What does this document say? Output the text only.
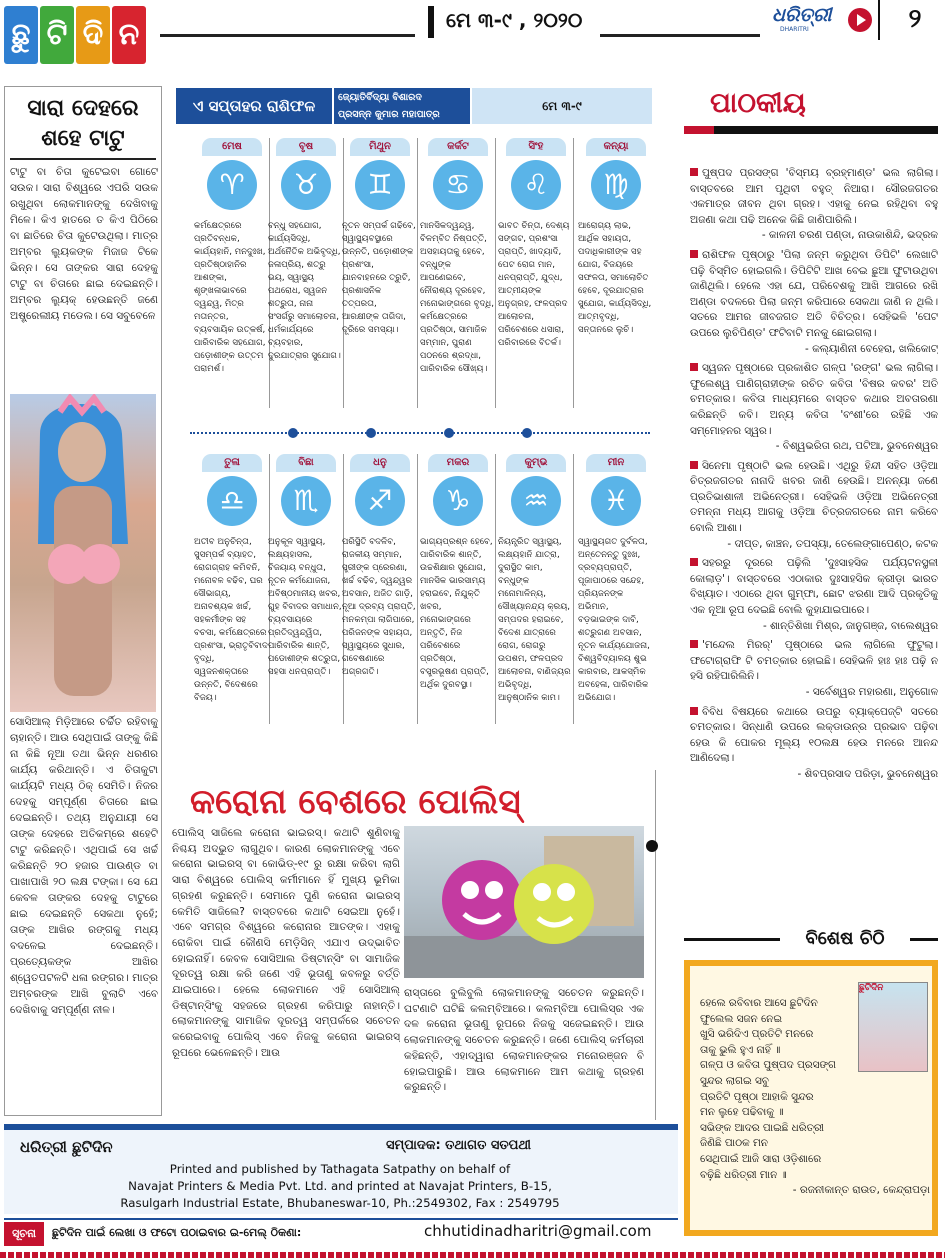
ଛୁ ଟି ଦି ନ	ମେ ୩-୯ , ୨୦୨୦	ଧରିତ୍ରୀ
DHARITRI	୨
ସାରା ଦେହରେ
ଶହେ ଟାଟୁ
ଟାଟୁ ବା ଚିତା କୁଟେଇବା ଗୋଟେ ସଉକ। ସାରା ବିଶ୍ୱରେ ଏପରି ସଉକ ରଖୁଥିବା ଲୋକମାନଙ୍କୁ ଦେଖିବାକୁ ମିଳେ। କିଏ ହାତରେ ତ କିଏ ପିଠିରେ ବା ଛାତିରେ ଚିତା କୁଟେଉଥିଲା। ମାତ୍ର ଅମ୍ବର ଲ୍ୟୁକଙ୍କ ମିଜାଜ ଟିକେ ଭିନ୍ନ। ସେ ତାଙ୍କର ସାରା ଦେହକୁ ଟାଟୁ ବା ଚିତାରେ ଛାଇ ଦେଇଛନ୍ତି। ଅମ୍ବର ଲ୍ୟୁକ୍ ହେଉଛନ୍ତି ଜଣେ ଅଷ୍ଟ୍ରେଲୀୟ ମଡେଲ। ସେ ସବୁବେଳେ
ସୋସିଆଲ୍ ମିଡ଼ିଆରେ ଚର୍ଚ୍ଚିତ ରହିବାକୁ ଚାହାନ୍ତି। ଆଉ ସେଥିପାଇଁ ତାଙ୍କୁ କିଛି ନା କିଛି ନୂଆ ତଥା ଭିନ୍ନ ଧରଣର କାର୍ଯ୍ୟ କରିଥାନ୍ତି। ଏ ଚିତାକୁଟା କାର୍ଯ୍ୟଟି ମଧ୍ୟ ଠିକ୍ ସେମିତି। ନିଜର ଦେହକୁ ସମ୍ପୂର୍ଣ୍ଣ ଚିତାରେ ଛାଇ ଦେଇଛନ୍ତି। ତଥ୍ୟ ଅନୁଯାୟୀ ସେ ତାଙ୍କ ଦେହରେ ଅତିକମ୍‌ରେ ଶହେଟି ଟାଟୁ କରିଛନ୍ତି। ଏଥିପାଇଁ ସେ ଖର୍ଚ୍ଚ କରିଛନ୍ତି ୨୦ ହଜାର ପାଉଣ୍ଡ ବା ପାଖାପାଖି ୨୦ ଲକ୍ଷ ଟଙ୍କା। ସେ ଯେ କେବଳ ତାଙ୍କର ଦେହକୁ ଟାଟୁରେ ଛାଇ ଦେଇଛନ୍ତି ସେକଥା ନୁହେଁ; ତାଙ୍କ ଆଖିର ରଙ୍ଗକୁ ମଧ୍ୟ ବଦଳେଇ ଦେଇଛନ୍ତି। ପ୍ରତ୍ୟେକଙ୍କ ଆଖିର ଶ୍ୱେତପଟଳଟି ଧଳା ରଙ୍ଗର। ମାତ୍ର ଅମ୍ବରଙ୍କ ଆଖି ବୁଲାଟି ଏବେ ଦେଖିବାକୁ ସମ୍ପୂର୍ଣ୍ଣ ନୀଳ।
ଏ ସପ୍ତାହର ରାଶିଫଳ	ଜ୍ୟୋତିର୍ବିଦ୍ୟା ବିଶାରଦ
ପ୍ରସନ୍ନ କୁମାର ମହାପାତ୍ର
ମେ ୩-୯
ମେଷ
♈
କର୍ମକ୍ଷେତ୍ରରେ ପ୍ରତିବନ୍ଧକ, କାର୍ଯ୍ୟହାନି, ମନଦୁଃଖ, ପ୍ରତିଷ୍ଠାହାନିର ଆଶଙ୍କା, ଶୃଙ୍ଖଳାଭାବରେ ଦ୍ୱନ୍ଦ୍ୱ, ମିତ୍ର ମତାନ୍ତର, ବ୍ୟବସାୟିକ ଉତ୍କର୍ଷ, ପାରିବାରିକ ସହଯୋଗ, ପଡ଼ୋଶୀଙ୍କ ଉତ୍ତମ ପରାମର୍ଶ।
ବୃଷ
♉
ବନ୍ଧୁ ସହଯୋଗ, କାର୍ଯ୍ୟସିଦ୍ଧି, ଅର୍ଥନୈତିକ ଅଭିବୃଦ୍ଧି, ଜଳାପ୍ରିୟ, ଶତ୍ରୁ ଭୟ, ସ୍ୱାସ୍ଥ୍ୟ ପଥରୋଧ, ସ୍ୱଜନ ଶତ୍ରୁତା, ନାନା ସଂସର୍ଗରୁ ସମାଲୋଚନା, ଧର୍ମକାର୍ଯ୍ୟରେ ବ୍ୟବହାର, ଦୁରଯାତ୍ରାର ସୁଯୋଗ।
ମିଥୁନ
♊
ନୂତନ ସମ୍ପର୍କ ଗଢିବେ, ସ୍ୱାସ୍ଥ୍ୟବସ୍ଥାରେ ଉନ୍ନତି, ପଡ଼ୋଶୀଙ୍କ ପ୍ରଶଂସା, ଯାନବାହନରେ ତ୍ରୁଟି, ପ୍ରଶାସନିକ ତତ୍ପରତା, ଆରକ୍ଷୀଙ୍କ ତାଗିଦା, ଦୂରିରେ ସମସ୍ୟା।
କର୍କଟ
♋
ମାନସିକଦ୍ୱନ୍ଦ୍ୱ, ବିଳମ୍ବିତ ନିଷ୍ପତ୍ତି, ଅସହାୟତାକୁ ହେବେ, ବନ୍ଧୁଙ୍କ ଆପଣେଇବେ, ନୌରାଶ୍ୟ ଦୂରହେବ, ମନୋଭାଙ୍ଗରେ ବୃଦ୍ଧି, କର୍ମକ୍ଷେତ୍ରରେ ପ୍ରତିଷ୍ଠା, ସାମାଜିକ ସମ୍ମାନ, ପୁରାଣ ପଠନରେ ଶ୍ରଦ୍ଧା, ପାରିବାରିକ ସୌଖ୍ୟ।
ସିଂହ
♌
ଭାବତ ଚିନ୍ତା, ଦେଶ୍ୟ ସଙ୍ଗଟ, ପ୍ରଶଂସା ପ୍ରାପ୍ତି, ଖାଦ୍ୟାଦି, ପେଟ ରୋଗ ମାନ, ଧନପ୍ରାପ୍ତି, ଯୁଦ୍ଧ, ଆତ୍ମୀୟଙ୍କ ଅନୁଗ୍ରହ, ଫଳପ୍ରଦ ଆଲୋଚନା, ପରିବେଶରେ ଧସାରା, ପରିବାରରେ ବିତର୍କ।
କନ୍ୟା
♍
ଆରୋଗ୍ୟ ଲାଭ, ଆର୍ଥିକ ସହାୟତା, ପଦାଧିକାରୀଙ୍କ ସହ ଯୋଗ, ବିଜୟରେ ସଫଳତା, ସମାଲୋଚିତ ହେବେ, ଦୂରଯାତ୍ରାର ସୁଯୋଗ, କାର୍ଯ୍ୟସିଦ୍ଧି, ଆତ୍ମବୃଦ୍ଧି, ସନ୍ତାନରେ ଲୁଚି।
ତୁଳା
♎
ଅତୀବ ଅନୁଚିନ୍ତା, ସୁସମ୍ପର୍କ ବ୍ୟାହତ, ରୋଗଗ୍ରାହ କମିବନି, ମନୋବଳ ବଢିବ, ଘର ସୌଭାଗ୍ୟ, ଅନାବଶ୍ୟକ ଖର୍ଚ୍ଚ, ସହକର୍ମୀଙ୍କ ସହ ବଚସା, କର୍ମକ୍ଷେତ୍ରରେ ପ୍ରଶଂସା, ଭ୍ରାତୃବିବାଦ ବୃଦ୍ଧି, ସ୍ୱଜନଶକ୍ତାରେ ଉନ୍ନତି, ବିଦେଶରେ ବିଜୟ।
ବିଛା
♏
ଅନୁକୂଳ ସ୍ୱାସ୍ଥ୍ୟ, ଲକ୍ଷ୍ୟହାସଲ, ବିଜୟାୟ ବନ୍ଧୁତା, ନୂତନ କର୍ମଯୋଜନା, ଅବିଷ୍ଠମାନୀୟ ଖବର, ଗୁହ ବିବାଦର ସମାଧାନ, ବ୍ୟବସାୟରେ ପ୍ରତିଦ୍ୱନ୍ଦ୍ୱିତା, ପାରିବାରିକ ଶାନ୍ତି, ପଡୋଶୀଙ୍କ ଶତ୍ରୁତା, ସହସା ଧନପ୍ରାପ୍ତି।
ଧନୁ
♐
ପରିସ୍ଥିତି ବଦଳିବ, ରାଜକୀୟ ସମ୍ମାନ, ସ୍ତ୍ରୀଙ୍କ ପ୍ରେରଣା, ଖର୍ଚ୍ଚ ବଢିବ, ଦ୍ୱନ୍ଦ୍ୱର ଅବସାନ, ଅଜିତ ଗାଡ଼ି, ନୂଆ ଦ୍ରବ୍ୟ ପ୍ରାପ୍ତି, ମନକମ୍ପା ଲାଗିପାରେ, ପରିଜନଙ୍କ ସହାୟତା, ସ୍ୱାସ୍ଥ୍ୟରେ ସୁଧାର, ଗବେଷଣାରେ ଅଗ୍ରଗତି।
ମକର
♑
ଭାଗ୍ୟପ୍ରଶ୍ନ ହେବେ, ପାରିବାରିକ ଶାନ୍ତି, ଉଚ୍ଚଶିକ୍ଷାର ସୁଯୋଗ, ମାନସିକ ଭାରସାମ୍ୟ ହରାଇବେ, ନିଯୁକ୍ତି ଖବର, ମନୋଭାଙ୍ଗରେ ଅନ୍ତୃତି, ନିଜ ପରିବେଶରେ ପ୍ରତିଷ୍ଠା, ବସ୍ତ୍ରଭୂଷଣ ପ୍ରାପ୍ତି, ଅର୍ଥିକ ଦୁରବସ୍ଥା।
କୁମ୍ଭ
♒
ନିୟନ୍ତ୍ରିତ ସ୍ୱାସ୍ଥ୍ୟ, ଲକ୍ଷ୍ୟହାନି ଯାତ୍ରା, ଦୁରାସ୍ଥିତ କାମ, ବନ୍ଧୁଙ୍କ ମନୋମାଳିନ୍ୟ, ସୌଖ୍ୟାନନ୍ଦ୍ୟ କ୍ରୟ, ସମ୍ପଦର ହରାଇବେ, ବିଦେଶ ଯାତ୍ରାରେ ରୋଗ, ରୋଗରୁ ଉପଶମ, ଫଳପ୍ରଦ ଆଲୋଚନା, ବାଣିଜ୍ୟର ଅଭିବୃଦ୍ଧି, ଆନୁଷ୍ଠାନିକ କାମ।
ମୀନ
♓
ସ୍ୱାସ୍ଥ୍ୟଗତ ଦୁର୍ବଳତା, ଅନ୍ତେନନ୍ତୁ ଦୁଃଖ, ଦ୍ରବ୍ୟପ୍ରାପ୍ତି, ପୂଜାପାଠରେ ସନ୍ଦେହ, ପ୍ରିୟଜନଙ୍କ ଅଭିମାନ, ବଡ଼ଭାଇଙ୍କ ଦାବି, ଶତ୍ରୁଗଣ ଅବସାନ, ନୂତନ କାର୍ଯ୍ୟଯୋଜନା, ବିଶ୍ୱବିଦ୍ୟାଳୟ ଶୁଭ କାରବାର, ଆକସ୍ମିକ ଅବହେଳା, ପାରିବାରିକ ଅଭିଯୋଗ।
କରୋନା ବେଶରେ ପୋଲିସ୍
ପୋଲିସ୍ ସାଜିଲେ କରୋନା ଭାଇରସ୍। କଥାଟି ଶୁଣିବାକୁ ନିଶ୍ଚୟ ଅଦ୍ଭୁତ ଲାଗୁଥିବ। କାରଣ ଲୋକମାନଙ୍କୁ ଏବେ କରୋନା ଭାଇରସ୍ ବା କୋଭିଡ୍-୧୯ ରୁ ରକ୍ଷା କରିବା ଲାଗି ସାରା ବିଶ୍ୱରେ ପୋଲିସ୍ କର୍ମୀମାନେ ହିଁ ମୁଖ୍ୟ ଭୂମିକା ଗ୍ରହଣ କରୁଛନ୍ତି। ସେମାନେ ପୁଣି କରୋନା ଭାଇରସ୍ କେମିତି ସାଜିଲେ? ବାସ୍ତବରେ କଥାଟି ସେଇଆ ନୁହେଁ। ଏବେ ସମଗ୍ର ବିଶ୍ୱରେ କରୋନାର ଆତଙ୍କ। ଏହାକୁ ରୋକିବା ପାଇଁ କୌଣସି ମେଡ଼ିସିନ୍ ଏଯାଏ ଉଦ୍ଭାବିତ ହୋଇନାହିଁ। କେବଳ ସୋସିଆଲ ଡିଷ୍ଟାନ୍ସିଂ ବା ସାମାଜିକ ଦୂରତ୍ୱ ରକ୍ଷା କରି ଜଣେ ଏହି ଭୂତାଣୁ କବଳରୁ ବର୍ତ୍ତି ଯାଇପାରେ। ହେଲେ ଲୋକମାନେ ଏହି ସୋସିଆଲ୍ ଡିଷ୍ଟାନ୍ସିଂକୁ ସହଜରେ ଗ୍ରହଣ କରିପାରୁ ନାହାନ୍ତି। ଲୋକମାନଙ୍କୁ ସାମାଜିକ ଦୂରତ୍ୱ ସମ୍ପର୍କରେ ସଚେତନ କରେଇବାକୁ ପୋଲିସ୍ ଏବେ ନିଜକୁ କରୋନା ଭାଇରସ୍ ରୂପରେ ଭେଳେଛନ୍ତି। ଆଉ
ରାସ୍ତାରେ ବୁଲିବୁଲି ଲୋକମାନଙ୍କୁ ସଚେତନ କରୁଛନ୍ତି। ଘଟଣାଟି ଘଟିଛି କଲମ୍ବିଆରେ। କଲମ୍ବିଆ ପୋଲିସ୍‌ର ଏକ ଦଳ କରୋନା ଭୂତାଣୁ ରୂପରେ ନିଜକୁ ସଜେଇଛନ୍ତି। ଆଉ ଲୋକମାନଙ୍କୁ ସଚେତନ କରୁଛନ୍ତି। ଜଣେ ପୋଲିସ୍ କର୍ମଚାରୀ କହିଛନ୍ତି, ଏହାଦ୍ୱାରା ଲୋକମାନଙ୍କର ମନୋରଞ୍ଜନ ବି ହୋଇପାରୁଛି। ଆଉ ଲୋକମାନେ ଆମ କଥାକୁ ଗ୍ରହଣ କରୁଛନ୍ତି।
ପାଠକୀୟ
ପୁଷ୍ପଦ ପ୍ରସଙ୍ଗ 'ବିସ୍ମୟ ବ୍ରହ୍ମାଣ୍ଡ' ଭଲ ଲାଗିଲା। ବାସ୍ତବରେ ଆମ ପୃଥିବୀ ବହୁତ୍ ନିଆରା। ସୌରଜଗତର ଏକମାତ୍ର ଜୀବନ ଥିବା ଗ୍ରହ। ଏହାକୁ ନେଇ ରହିଥିବା ବହୁ ଅଜଣା କଥା ପଢି ଅନେକ କିଛି ଜାଣିପାରିଲି।
- କାଳନୀ ଚରଣ ପଣ୍ଡା, ନାଉକାଶିନ୍ଦି, ଭଦ୍ରକ
ରାଶିଫଳ ପୃଷ୍ଠାରୁ 'ପିଲା ଜନ୍ମ କରୁଥିବା ଡିପିଟି' ଲେଖାଟି ପଢ଼ି ବିସ୍ମିତ ହୋଇଗଲି। ଡିପିଟିଟି ଆଖ ବେଇ ଛୁଆ ଫୁଟାଉଥିବା ଜାଣିଥିଲି। ହେଲେ ଏହା ଯେ, ପରିବେଶକୁ ଆଖି ଆଗରେ ରଖି ଅଣ୍ଡା ବଦଳରେ ପିଲା ଜନ୍ମ କରିପାରେ ସେକଥା ଜାଣି ନ ଥିଲି। ସତରେ ଆମର ଜୀବଜଗତ ଅତି ବିଚିତ୍ର। ସେହିଭଳି 'ପେଟ ଉପରେ ଲୁଚିପିଣ୍ଡ' ଫଟିବାଟି ମନକୁ ଛୋଇଗଲା।
- କଲ୍ୟାଣିନୀ ବେହେରା, ଖଲିକୋଟ୍
ସ୍ୱଜନ ପୃଷ୍ଠାରେ ପ୍ରକାଶିତ ଗଳ୍ପ 'ରଙ୍ଗ' ଭଲ ଲାଗିଲା। ଫୁଲେଶ୍ୱ ପାଣିଗ୍ରାହୀଙ୍କ ରଚିତ କବିତା 'ବିଷର କବର' ଅତି ଚମତ୍କାର। କବିତା ମାଧ୍ୟମରେ ବାସ୍ତବ କଥାର ଅବତାରଣା କରିଛନ୍ତି କବି। ଅନ୍ୟ କବିତା 'ବଂଶୀ'ରେ ରହିଛି ଏକ ସମ୍ମୋହନର ସ୍ୱର।
- ବିଶ୍ୱଭରିତା ରଥ, ପଟିଆ, ଭୁବନେଶ୍ୱର
ସିନେମା ପୃଷ୍ଠାଟି ଭଲ ହେଉଛି। ଏଥିରୁ ହିନ୍ଦୀ ସହିତ ଓଡ଼ିଆ ଚିତ୍ରଜଗତର ନାନାଦି ଖବର ଜାଣି ହେଉଛି। ଅନନ୍ୟା ଜଣେ ପ୍ରତିଭାଶାଳୀ ଅଭିନେତ୍ରୀ। ସେହିଭଳି ଓଡ଼ିଆ ଅଭିନେତ୍ରୀ ତମନ୍ନା ମଧ୍ୟ ଆଗକୁ ଓଡ଼ିଆ ଚିତ୍ରଜଗତରେ ନାମ କରିବେ ବୋଲି ଆଶା।
- ଦୀପ୍ତ, କାଞ୍ଚନ, ତପସ୍ୟା, ତେଲେଙ୍ଗାପେଣ୍ଠ, କଟକ
ସହରରୁ ଦୂରରେ ପଢ଼ିଲି 'ଦୁଃସାହସିକ ପର୍ଯ୍ୟଟନସ୍ଥଳୀ କୋଲାଡ଼'। ବାସ୍ତବରେ ଏଠାକାର ଦୁଃସାହସିକ କ୍ରୀଡ଼ା ଭାରତ ବିଖ୍ୟାତ। ଏଠାରେ ଥିବା ଗୁମ୍ଫା, ଛୋଟ ଝରଣା ଆଦି ପ୍ରକୃତିକୁ ଏକ ନୂଆ ରୂପ ଦେଇଛି ବୋଲି କୁହାଯାଇପାରେ।
- ଶାନ୍ତିଶିଖା ମିଶ୍ର, ଜାନୁଗଞ୍ଜ, ବାଲେଶ୍ୱର
'ମନ୍ଦେଲ ମିରର୍' ପୃଷ୍ଠାରେ ଭଲ ଲାଗିଲେ ଫୁଟୁଲା। ଫଟୋଗ୍ରାଫି ଟି ଚମତ୍କାର ହୋଇଛି। ସେହିଭଳି ହାଃ ହାଃ ପଢ଼ି ନ ହସି ରହିପାରିଲିନି।
- ସର୍ବେଶ୍ୱର ମହାରଣା, ଅନୁଗୋଳ
ବିବିଧ ବିଷୟରେ କଥାରେ ଉପରୁ ବ୍ୟାକ୍‌ପେଜ୍‌ଟି ସତରେ ଚମତ୍କାର। ସିନ୍ଧାଣି ଉପରେ ଲକ୍‌ଡାଉନ୍‌ର ପ୍ରଭାବ ପଢ଼ିବା ହେଉ କି ପୋକର ମୂଲ୍ୟ ୧୦ଲକ୍ଷ ହେଉ ମନରେ ଆନନ୍ଦ ଆଣିଦେଲା।
- ଶିବପ୍ରସାଦ ପରିଡ଼ା, ଭୁବନେଶ୍ୱର
ବିଶେଷ ଚିଠି
ଛୁଟିଦିନ
ହେଲେ ରବିବାର ଆସେ ଛୁଟିଦିନ
ଫୁଲେଲ ସଜନ ନେଇ
ଖୁସି ଭରିଦିଏ ପ୍ରତିଟି ମନରେ
ତାକୁ ଭୁଲି ହୁଏ ନାହିଁ ॥
ଗଳ୍ପ ଓ କବିତା ପୁଷ୍ପଦ ପ୍ରସଙ୍ଗ
ସୁନ୍ଦର ଲାଗଇ ସବୁ
ପ୍ରତିଟି ପୃଷ୍ଠା ଆହାକି ସୁନ୍ଦର
ମନ ଲୁହେ ପଢିବାକୁ ॥
ସଭିଙ୍କ ଆଦର ପାଇଛି ଧରିତ୍ରୀ
ଜିଣିଛି ପାଠକ ମନ
ସେଥିପାଇଁ ଆଜି ସାରା ଓଡ଼ିଶାରେ
ବଢ଼ିଛି ଧରିତ୍ରୀ ମାନ ॥
- ରଜନୀକାନ୍ତ ରାଉତ, କେନ୍ଦ୍ରାପଡ଼ା
ଧରିତ୍ରୀ ଛୁଟିଦିନ	ସମ୍ପାଦକ: ତଥାଗତ ସତପଥୀ
Printed and published by Tathagata Satpathy on behalf of
Navajat Printers & Media Pvt. Ltd. and printed at Navajat Printers, B-15,
Rasulgarh Industrial Estate, Bhubaneswar-10, Ph.:2549302, Fax : 2549795
ସୂଚନା	ଛୁଟିଦିନ ପାଇଁ ଲେଖା ଓ ଫଟୋ ପଠାଇବାର ଇ-ମେଲ୍ ଠିକଣା:	chhutidinadharitri@gmail.com
